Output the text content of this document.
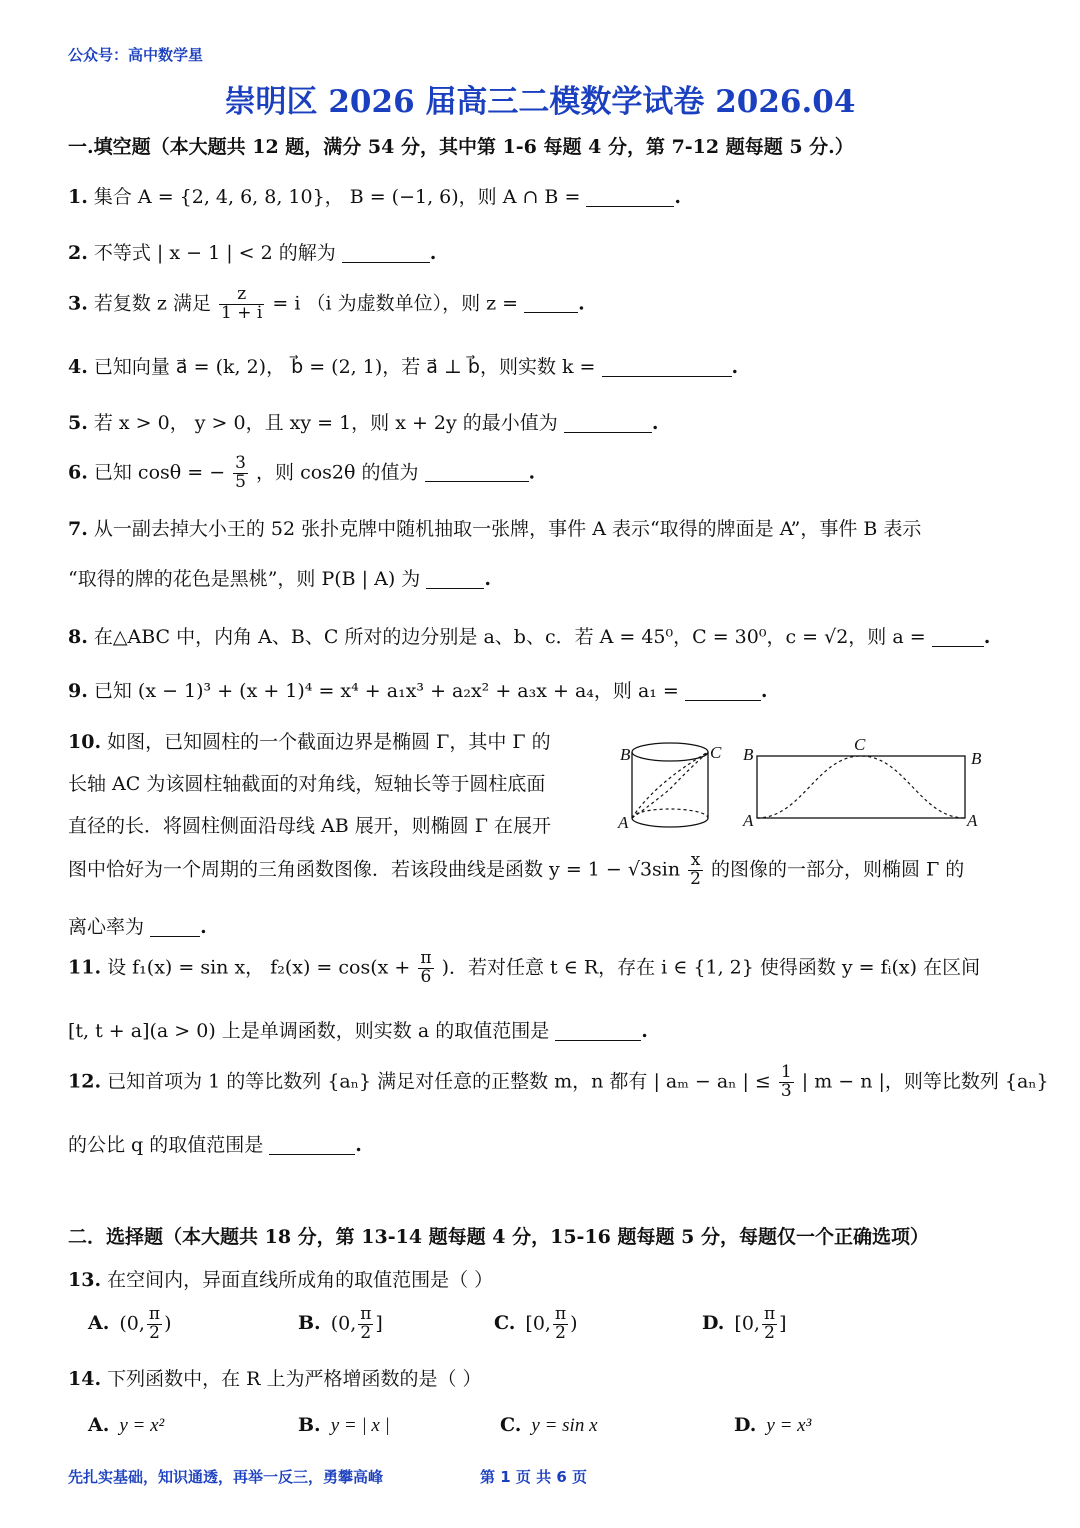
公众号：高中数学星
崇明区 2026 届高三二模数学试卷 2026.04
一.填空题（本大题共 12 题，满分 54 分，其中第 1-6 每题 4 分，第 7-12 题每题 5 分.）
1. 集合 A = {2, 4, 6, 8, 10}， B = (−1, 6)，则 A ∩ B =	.
2. 不等式 | x − 1 | < 2 的解为	.
3. 若复数 z 满足 $\frac{z}{1 + i} = i$ （i 为虚数单位），则 z =	.
4. 已知向量 a⃗ = (k, 2)， b⃗ = (2, 1)，若 a⃗ ⊥ b⃗，则实数 k =	.
5. 若 x > 0， y > 0，且 xy = 1，则 x + 2y 的最小值为	.
6. 已知 cosθ = − $\frac{3}{5}$ ，则 cos2θ 的值为	.
7. 从一副去掉大小王的 52 张扑克牌中随机抽取一张牌，事件 A 表示“取得的牌面是 A”，事件 B 表示
“取得的牌的花色是黑桃”，则 P(B | A) 为	.
8. 在△ABC 中，内角 A、B、C 所对的边分别是 a、b、c．若 A = 45⁰，C = 30⁰，c = √2，则 a =	.
9. 已知 (x − 1)³ + (x + 1)⁴ = x⁴ + a₁x³ + a₂x² + a₃x + a₄，则 a₁ =	.
10. 如图，已知圆柱的一个截面边界是椭圆 Γ，其中 Γ 的
长轴 AC 为该圆柱轴截面的对角线，短轴长等于圆柱底面
直径的长．将圆柱侧面沿母线 AB 展开，则椭圆 Γ 在展开
图中恰好为一个周期的三角函数图像．若该段曲线是函数 $y = 1 - √3\sin \frac{x}{2}$ 的图像的一部分，则椭圆 Γ 的
离心率为	.
B	C
A
B
C
B
A	A
11. 设 f₁(x) = sin x， $f_2(x) = \cos(x + \frac{\pi}{6}$ )．若对任意 t ∈ R，存在 i ∈ {1, 2} 使得函数 y = fᵢ(x) 在区间
[t, t + a](a > 0) 上是单调函数，则实数 a 的取值范围是	.
12. 已知首项为 1 的等比数列 {aₙ} 满足对任意的正整数 m，n 都有 | aₘ − aₙ | ≤ $\frac{1}{3}$ | m − n |，则等比数列 {aₙ}
的公比 q 的取值范围是	.
二．选择题（本大题共 18 分，第 13-14 题每题 4 分，15-16 题每题 5 分，每题仅一个正确选项）
13. 在空间内，异面直线所成角的取值范围是（ ）
A. (0, $\frac{\pi}{2}$ )	B. (0, $\frac{\pi}{2}$ ]	C. [0, $\frac{\pi}{2}$ )	D. [0, $\frac{\pi}{2}$ ]
14. 下列函数中，在 R 上为严格增函数的是（ ）
A. y = x²	B. y = | x |	C. y = sin x	D. y = x³
先扎实基础，知识通透，再举一反三，勇攀高峰	第 1 页 共 6 页
